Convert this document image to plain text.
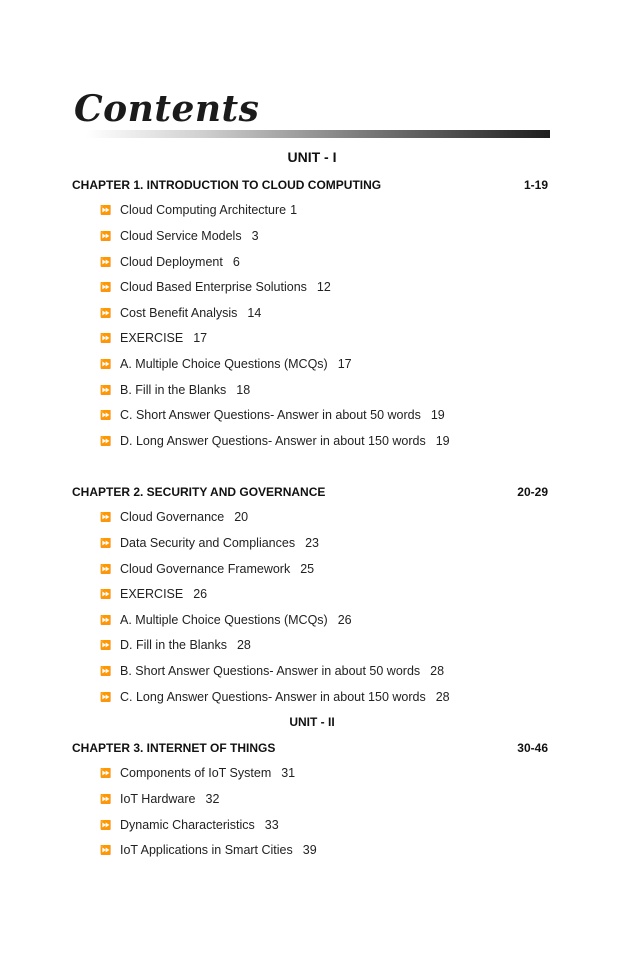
Contents
UNIT - I
CHAPTER 1. INTRODUCTION TO CLOUD COMPUTING	1-19
⏩ Cloud Computing Architecture 1
⏩ Cloud Service Models 3
⏩ Cloud Deployment 6
⏩ Cloud Based Enterprise Solutions 12
⏩ Cost Benefit Analysis 14
⏩ EXERCISE 17
⏩ A. Multiple Choice Questions (MCQs) 17
⏩ B. Fill in the Blanks 18
⏩ C. Short Answer Questions- Answer in about 50 words 19
⏩ D. Long Answer Questions- Answer in about 150 words 19
CHAPTER 2. SECURITY AND GOVERNANCE	20-29
⏩ Cloud Governance 20
⏩ Data Security and Compliances 23
⏩ Cloud Governance Framework 25
⏩ EXERCISE 26
⏩ A. Multiple Choice Questions (MCQs) 26
⏩ D. Fill in the Blanks 28
⏩ B. Short Answer Questions- Answer in about 50 words 28
⏩ C. Long Answer Questions- Answer in about 150 words 28
UNIT - II
CHAPTER 3. INTERNET OF THINGS	30-46
⏩ Components of IoT System 31
⏩ IoT Hardware 32
⏩ Dynamic Characteristics 33
⏩ IoT Applications in Smart Cities 39
